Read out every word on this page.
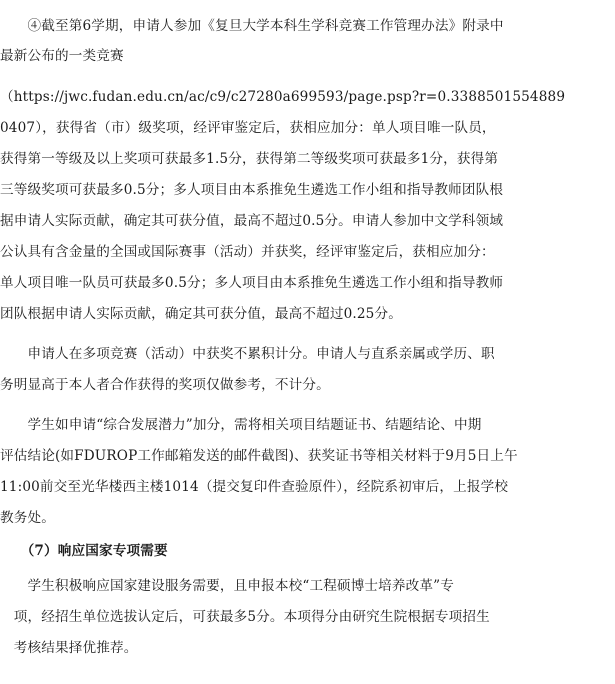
　　④截至第6学期，申请人参加《复旦大学本科生学科竞赛工作管理办法》附录中
最新公布的一类竞赛
（https://jwc.fudan.edu.cn/ac/c9/c27280a699593/page.psp?r=0.3388501554889
0407），获得省（市）级奖项，经评审鉴定后，获相应加分：单人项目唯一队员，
获得第一等级及以上奖项可获最多1.5分，获得第二等级奖项可获最多1分，获得第
三等级奖项可获最多0.5分；多人项目由本系推免生遴选工作小组和指导教师团队根
据申请人实际贡献，确定其可获分值，最高不超过0.5分。申请人参加中文学科领域
公认具有含金量的全国或国际赛事（活动）并获奖，经评审鉴定后，获相应加分：
单人项目唯一队员可获最多0.5分；多人项目由本系推免生遴选工作小组和指导教师
团队根据申请人实际贡献，确定其可获分值，最高不超过0.25分。
　　申请人在多项竞赛（活动）中获奖不累积计分。申请人与直系亲属或学历、职
务明显高于本人者合作获得的奖项仅做参考，不计分。
　　学生如申请“综合发展潜力”加分，需将相关项目结题证书、结题结论、中期
评估结论(如FDUROP工作邮箱发送的邮件截图)、获奖证书等相关材料于9月5日上午
11:00前交至光华楼西主楼1014（提交复印件查验原件），经院系初审后，上报学校
教务处。
　　（7）响应国家专项需要
　　学生积极响应国家建设服务需要，且申报本校“工程硕博士培养改革”专
　项，经招生单位选拔认定后，可获最多5分。本项得分由研究生院根据专项招生
　考核结果择优推荐。
